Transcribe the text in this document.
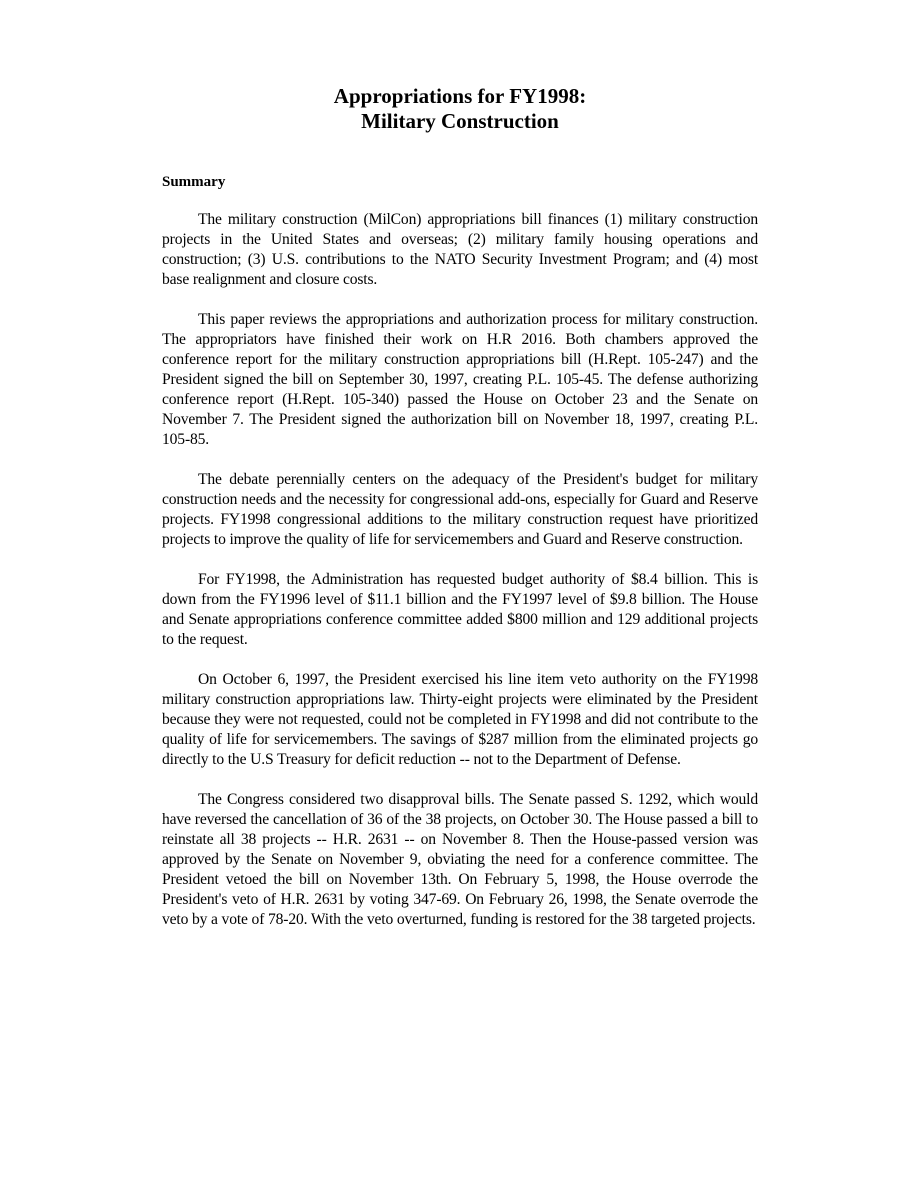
Appropriations for FY1998:
Military Construction
Summary

The military construction (MilCon) appropriations bill finances (1) military construction projects in the United States and overseas; (2) military family housing operations and construction; (3) U.S. contributions to the NATO Security Investment Program; and (4) most base realignment and closure costs.

This paper reviews the appropriations and authorization process for military construction. The appropriators have finished their work on H.R 2016. Both chambers approved the conference report for the military construction appropriations bill (H.Rept. 105-247) and the President signed the bill on September 30, 1997, creating P.L. 105-45. The defense authorizing conference report (H.Rept. 105-340) passed the House on October 23 and the Senate on November 7. The President signed the authorization bill on November 18, 1997, creating P.L. 105-85.

The debate perennially centers on the adequacy of the President's budget for military construction needs and the necessity for congressional add-ons, especially for Guard and Reserve projects. FY1998 congressional additions to the military construction request have prioritized projects to improve the quality of life for servicemembers and Guard and Reserve construction.

For FY1998, the Administration has requested budget authority of $8.4 billion. This is down from the FY1996 level of $11.1 billion and the FY1997 level of $9.8 billion. The House and Senate appropriations conference committee added $800 million and 129 additional projects to the request.

On October 6, 1997, the President exercised his line item veto authority on the FY1998 military construction appropriations law. Thirty-eight projects were eliminated by the President because they were not requested, could not be completed in FY1998 and did not contribute to the quality of life for servicemembers. The savings of $287 million from the eliminated projects go directly to the U.S Treasury for deficit reduction -- not to the Department of Defense.

The Congress considered two disapproval bills. The Senate passed S. 1292, which would have reversed the cancellation of 36 of the 38 projects, on October 30. The House passed a bill to reinstate all 38 projects -- H.R. 2631 -- on November 8. Then the House-passed version was approved by the Senate on November 9, obviating the need for a conference committee. The President vetoed the bill on November 13th. On February 5, 1998, the House overrode the President's veto of H.R. 2631 by voting 347-69. On February 26, 1998, the Senate overrode the veto by a vote of 78-20. With the veto overturned, funding is restored for the 38 targeted projects.
